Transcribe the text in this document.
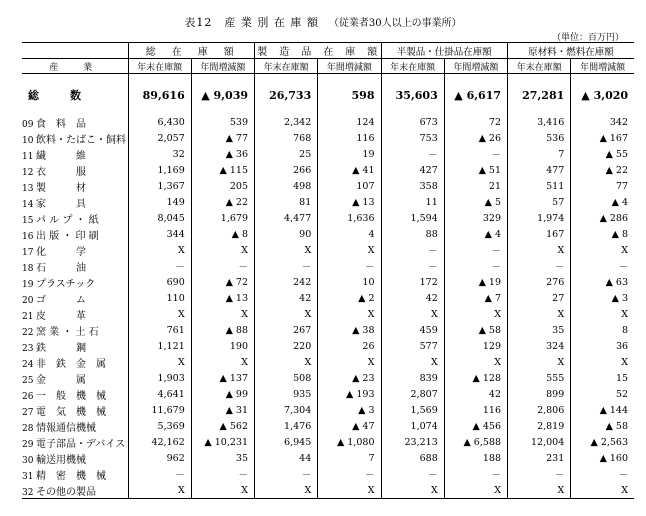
表12　産 業 別 在 庫 額 （従業者30人以上の事業所）
（単位：百万円）
	総　在　庫　額		製　造　品　在　庫　額		半製品・仕掛品在庫額		原材料・燃料在庫額	
産　業	年末在庫額	年間増減額	年末在庫額	年間増減額	年末在庫額	年間増減額	年末在庫額	年間増減額

総　数	89,616	▲ 9,039	26,733	598	35,603	▲ 6,617	27,281	▲ 3,020

09 食　料　品	6,430	539	2,342	124	673	72	3,416	342
10 飲料・たばこ・飼料	2,057	▲ 77	768	116	753	▲ 26	536	▲ 167
11 繊　　　維	32	▲ 36	25	19	－	－	7	▲ 55
12 衣　　　服	1,169	▲ 115	266	▲ 41	427	▲ 51	477	▲ 22
13 製　　　材	1,367	205	498	107	358	21	511	77
14 家　　　具	149	▲ 22	81	▲ 13	11	▲ 5	57	▲ 4
15 パ ル プ ・ 紙	8,045	1,679	4,477	1,636	1,594	329	1,974	▲ 286
16 出 版 ・ 印 刷	344	▲ 8	90	4	88	▲ 4	167	▲ 8
17 化　　　学	X	X	X	X	－	－	X	X
18 石　　　油	－	－	－	－	－	－	－	－
19 プラスチック	690	▲ 72	242	10	172	▲ 19	276	▲ 63
20 ゴ　　　ム	110	▲ 13	42	▲ 2	42	▲ 7	27	▲ 3
21 皮　　　革	X	X	X	X	X	X	X	X
22 窯 業 ・ 土 石	761	▲ 88	267	▲ 38	459	▲ 58	35	8
23 鉄　　　鋼	1,121	190	220	26	577	129	324	36
24 非　鉄　金　属	X	X	X	X	X	X	X	X
25 金　　　属	1,903	▲ 137	508	▲ 23	839	▲ 128	555	15
26 一　般　機　械	4,641	▲ 99	935	▲ 193	2,807	42	899	52
27 電　気　機　械	11,679	▲ 31	7,304	▲ 3	1,569	116	2,806	▲ 144
28 情報通信機械	5,369	▲ 562	1,476	▲ 47	1,074	▲ 456	2,819	▲ 58
29 電子部品・デバイス	42,162	▲ 10,231	6,945	▲ 1,080	23,213	▲ 6,588	12,004	▲ 2,563
30 輸送用機械	962	35	44	7	688	188	231	▲ 160
31 精　密　機　械	－	－	－	－	－	－	－	－
32 その他の製品	X	X	X	X	X	X	X	X
